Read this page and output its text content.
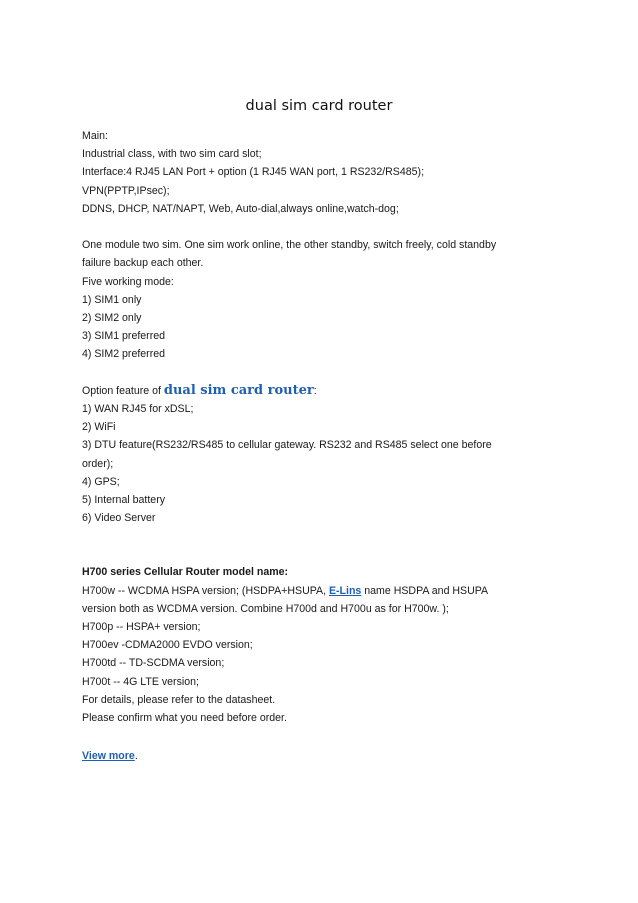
dual sim card router
Main:
Industrial class, with two sim card slot;
Interface:4 RJ45 LAN Port + option (1 RJ45 WAN port, 1 RS232/RS485);
VPN(PPTP,IPsec);
DDNS, DHCP, NAT/NAPT, Web, Auto-dial,always online,watch-dog;
One module two sim. One sim work online, the other standby, switch freely, cold standby
failure backup each other.
Five working mode:
1) SIM1 only
2) SIM2 only
3) SIM1 preferred
4) SIM2 preferred
Option feature of dual sim card router:
1) WAN RJ45 for xDSL;
2) WiFi
3) DTU feature(RS232/RS485 to cellular gateway. RS232 and RS485 select one before
order);
4) GPS;
5) Internal battery
6) Video Server
H700 series Cellular Router model name:
H700w -- WCDMA HSPA version; (HSDPA+HSUPA, E-Lins name HSDPA and HSUPA
version both as WCDMA version. Combine H700d and H700u as for H700w. );
H700p -- HSPA+ version;
H700ev -CDMA2000 EVDO version;
H700td -- TD-SCDMA version;
H700t -- 4G LTE version;
For details, please refer to the datasheet.
Please confirm what you need before order.
View more.
